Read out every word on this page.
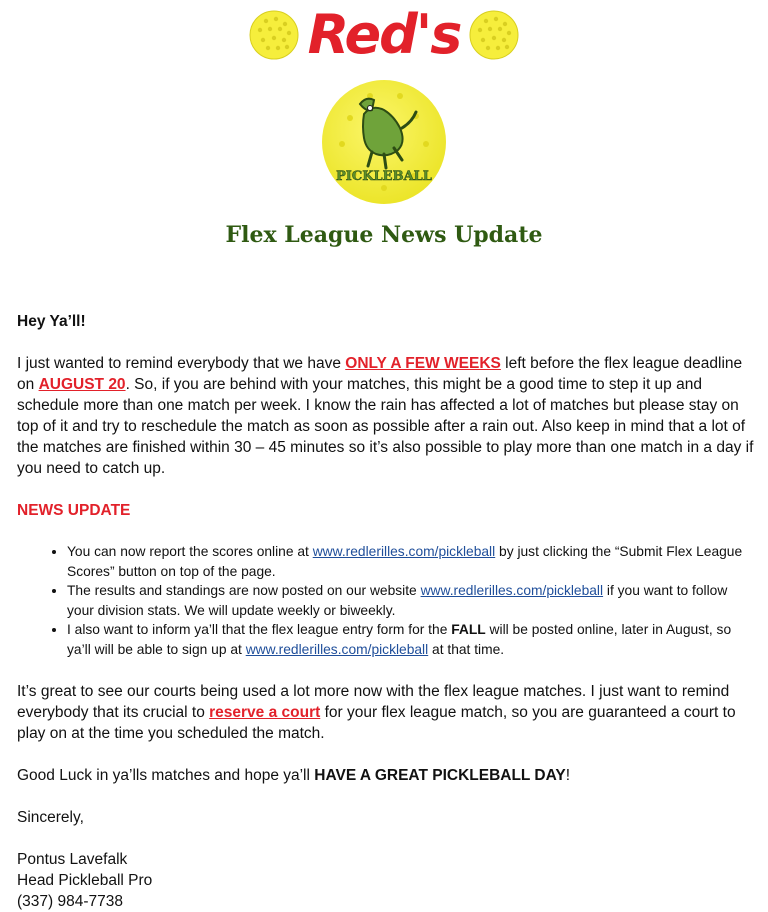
Red's
PICKLEBALL
Flex League News Update

Hey Ya’ll!

I just wanted to remind everybody that we have ONLY A FEW WEEKS left before the flex league deadline on AUGUST 20. So, if you are behind with your matches, this might be a good time to step it up and schedule more than one match per week. I know the rain has affected a lot of matches but please stay on top of it and try to reschedule the match as soon as possible after a rain out. Also keep in mind that a lot of the matches are finished within 30 – 45 minutes so it’s also possible to play more than one match in a day if you need to catch up.

NEWS UPDATE

• You can now report the scores online at www.redlerilles.com/pickleball by just clicking the “Submit Flex League Scores” button on top of the page.
• The results and standings are now posted on our website www.redlerilles.com/pickleball if you want to follow your division stats. We will update weekly or biweekly.
• I also want to inform ya’ll that the flex league entry form for the FALL will be posted online, later in August, so ya’ll will be able to sign up at www.redlerilles.com/pickleball at that time.

It’s great to see our courts being used a lot more now with the flex league matches. I just want to remind everybody that its crucial to reserve a court for your flex league match, so you are guaranteed a court to play on at the time you scheduled the match.

Good Luck in ya’lls matches and hope ya’ll HAVE A GREAT PICKLEBALL DAY!

Sincerely,

Pontus Lavefalk

Head Pickleball Pro

(337) 984-7738
